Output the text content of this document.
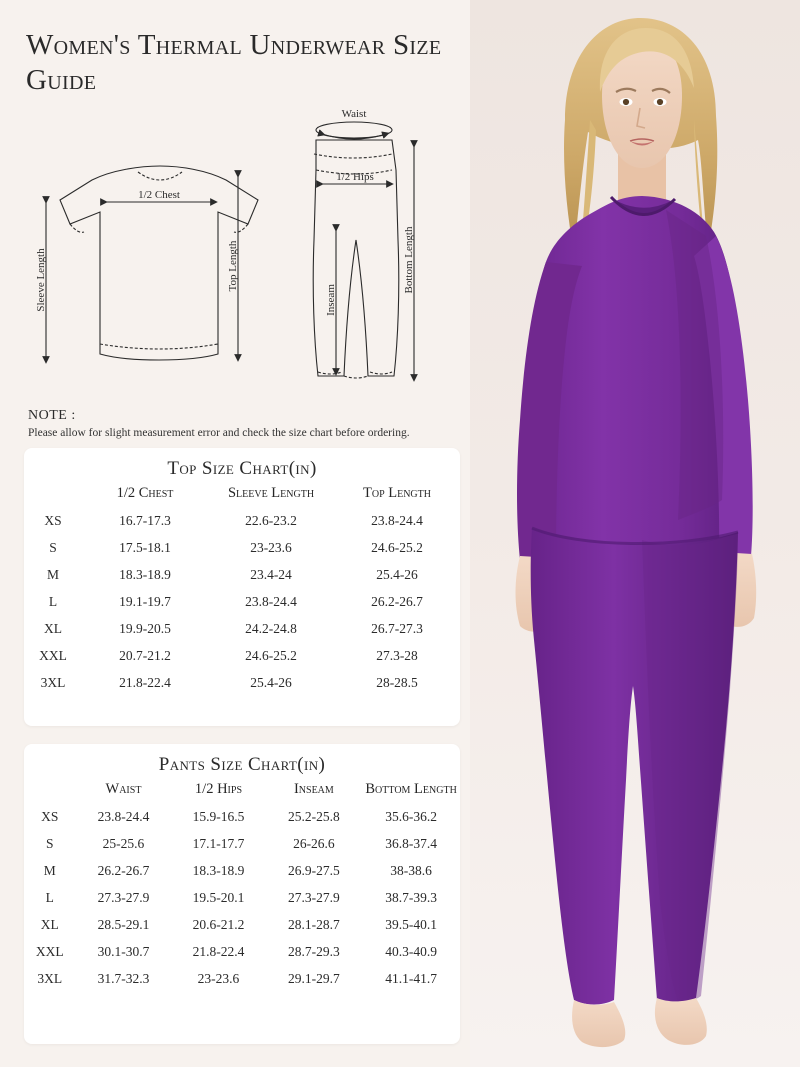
Women's Thermal Underwear Size Guide
1/2 Chest
Top Length
Sleeve Length
Waist
1/2 Hips
Inseam
Bottom Length
NOTE :
Please allow for slight measurement error and check the size chart before ordering.
Top Size Chart(in)
	1/2 Chest	Sleeve Length	Top Length
XS	16.7-17.3	22.6-23.2	23.8-24.4
S	17.5-18.1	23-23.6	24.6-25.2
M	18.3-18.9	23.4-24	25.4-26
L	19.1-19.7	23.8-24.4	26.2-26.7
XL	19.9-20.5	24.2-24.8	26.7-27.3
XXL	20.7-21.2	24.6-25.2	27.3-28
3XL	21.8-22.4	25.4-26	28-28.5
Pants Size Chart(in)
	Waist	1/2 Hips	Inseam	Bottom Length
XS	23.8-24.4	15.9-16.5	25.2-25.8	35.6-36.2
S	25-25.6	17.1-17.7	26-26.6	36.8-37.4
M	26.2-26.7	18.3-18.9	26.9-27.5	38-38.6
L	27.3-27.9	19.5-20.1	27.3-27.9	38.7-39.3
XL	28.5-29.1	20.6-21.2	28.1-28.7	39.5-40.1
XXL	30.1-30.7	21.8-22.4	28.7-29.3	40.3-40.9
3XL	31.7-32.3	23-23.6	29.1-29.7	41.1-41.7
